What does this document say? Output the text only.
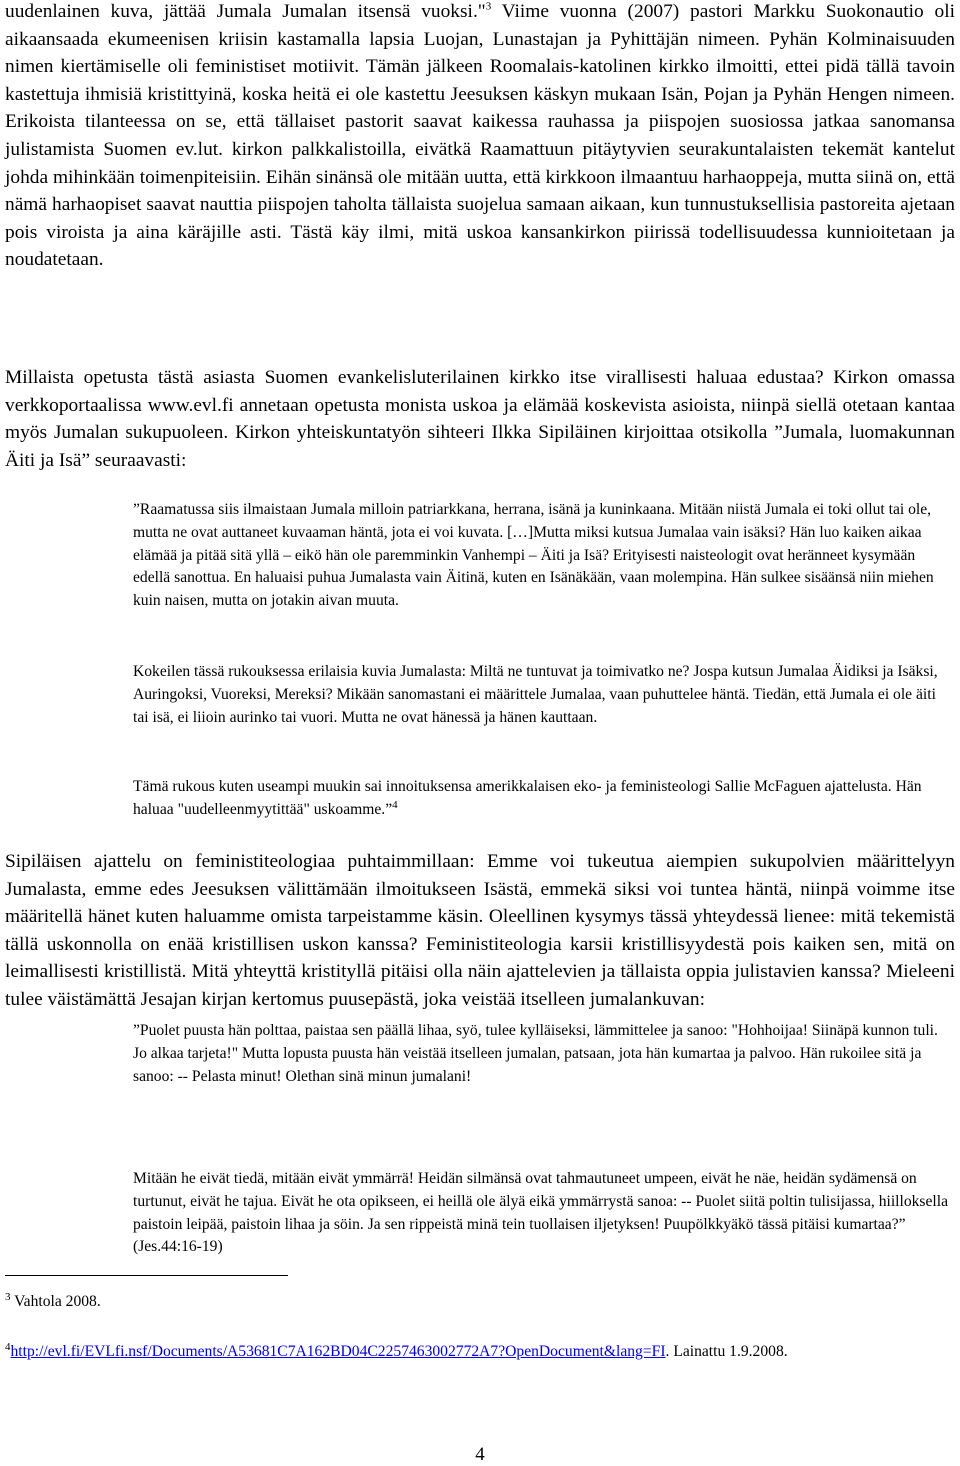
uudenlainen kuva, jättää Jumala Jumalan itsensä vuoksi."$^3$ Viime vuonna (2007) pastori Markku Suokonautio oli aikaansaada ekumeenisen kriisin kastamalla lapsia Luojan, Lunastajan ja Pyhittäjän nimeen. Pyhän Kolminaisuuden nimen kiertämiselle oli feministiset motiivit. Tämän jälkeen Roomalais-katolinen kirkko ilmoitti, ettei pidä tällä tavoin kastettuja ihmisiä kristittyinä, koska heitä ei ole kastettu Jeesuksen käskyn mukaan Isän, Pojan ja Pyhän Hengen nimeen. Erikoista tilanteessa on se, että tällaiset pastorit saavat kaikessa rauhassa ja piispojen suosiossa jatkaa sanomansa julistamista Suomen ev.lut. kirkon palkkalistoilla, eivätkä Raamattuun pitäytyvien seurakuntalaisten tekemät kantelut johda mihinkään toimenpiteisiin. Eihän sinänsä ole mitään uutta, että kirkkoon ilmaantuu harhaoppeja, mutta siinä on, että nämä harhaopiset saavat nauttia piispojen taholta tällaista suojelua samaan aikaan, kun tunnustuksellisia pastoreita ajetaan pois viroista ja aina käräjille asti. Tästä käy ilmi, mitä uskoa kansankirkon piirissä todellisuudessa kunnioitetaan ja noudatetaan.

Millaista opetusta tästä asiasta Suomen evankelisluterilainen kirkko itse virallisesti haluaa edustaa? Kirkon omassa verkkoportaalissa www.evl.fi annetaan opetusta monista uskoa ja elämää koskevista asioista, niinpä siellä otetaan kantaa myös Jumalan sukupuoleen. Kirkon yhteiskuntatyön sihteeri Ilkka Sipiläinen kirjoittaa otsikolla ”Jumala, luomakunnan Äiti ja Isä” seuraavasti:

”Raamatussa siis ilmaistaan Jumala milloin patriarkkana, herrana, isänä ja kuninkaana. Mitään niistä Jumala ei toki ollut tai ole, mutta ne ovat auttaneet kuvaaman häntä, jota ei voi kuvata. […]Mutta miksi kutsua Jumalaa vain isäksi? Hän luo kaiken aikaa elämää ja pitää sitä yllä – eikö hän ole paremminkin Vanhempi – Äiti ja Isä? Erityisesti naisteologit ovat heränneet kysymään edellä sanottua. En haluaisi puhua Jumalasta vain Äitinä, kuten en Isänäkään, vaan molempina. Hän sulkee sisäänsä niin miehen kuin naisen, mutta on jotakin aivan muuta.

Kokeilen tässä rukouksessa erilaisia kuvia Jumalasta: Miltä ne tuntuvat ja toimivatko ne? Jospa kutsun Jumalaa Äidiksi ja Isäksi, Auringoksi, Vuoreksi, Mereksi? Mikään sanomastani ei määrittele Jumalaa, vaan puhuttelee häntä. Tiedän, että Jumala ei ole äiti tai isä, ei liioin aurinko tai vuori. Mutta ne ovat hänessä ja hänen kauttaan.

Tämä rukous kuten useampi muukin sai innoituksensa amerikkalaisen eko- ja feministeologi Sallie McFaguen ajattelusta. Hän haluaa "uudelleenmyytittää" uskoamme.”$^4$

Sipiläisen ajattelu on feministiteologiaa puhtaimmillaan: Emme voi tukeutua aiempien sukupolvien määrittelyyn Jumalasta, emme edes Jeesuksen välittämään ilmoitukseen Isästä, emmekä siksi voi tuntea häntä, niinpä voimme itse määritellä hänet kuten haluamme omista tarpeistamme käsin. Oleellinen kysymys tässä yhteydessä lienee: mitä tekemistä tällä uskonnolla on enää kristillisen uskon kanssa? Feministiteologia karsii kristillisyydestä pois kaiken sen, mitä on leimallisesti kristillistä. Mitä yhteyttä kristityllä pitäisi olla näin ajattelevien ja tällaista oppia julistavien kanssa? Mieleeni tulee väistämättä Jesajan kirjan kertomus puusepästä, joka veistää itselleen jumalankuvan:

”Puolet puusta hän polttaa, paistaa sen päällä lihaa, syö, tulee kylläiseksi, lämmittelee ja sanoo: "Hohhoijaa! Siinäpä kunnon tuli. Jo alkaa tarjeta!" Mutta lopusta puusta hän veistää itselleen jumalan, patsaan, jota hän kumartaa ja palvoo. Hän rukoilee sitä ja sanoo: -- Pelasta minut! Olethan sinä minun jumalani!

Mitään he eivät tiedä, mitään eivät ymmärrä! Heidän silmänsä ovat tahmautuneet umpeen, eivät he näe, heidän sydämensä on turtunut, eivät he tajua. Eivät he ota opikseen, ei heillä ole älyä eikä ymmärrystä sanoa: -- Puolet siitä poltin tulisijassa, hiilloksella paistoin leipää, paistoin lihaa ja söin. Ja sen rippeistä minä tein tuollaisen iljetyksen! Puupölkkyäkö tässä pitäisi kumartaa?” (Jes.44:16-19)

$^3$ Vahtola 2008.

$^4$http://evl.fi/EVLfi.nsf/Documents/A53681C7A162BD04C2257463002772A7?OpenDocument&lang=FI. Lainattu 1.9.2008.

4
